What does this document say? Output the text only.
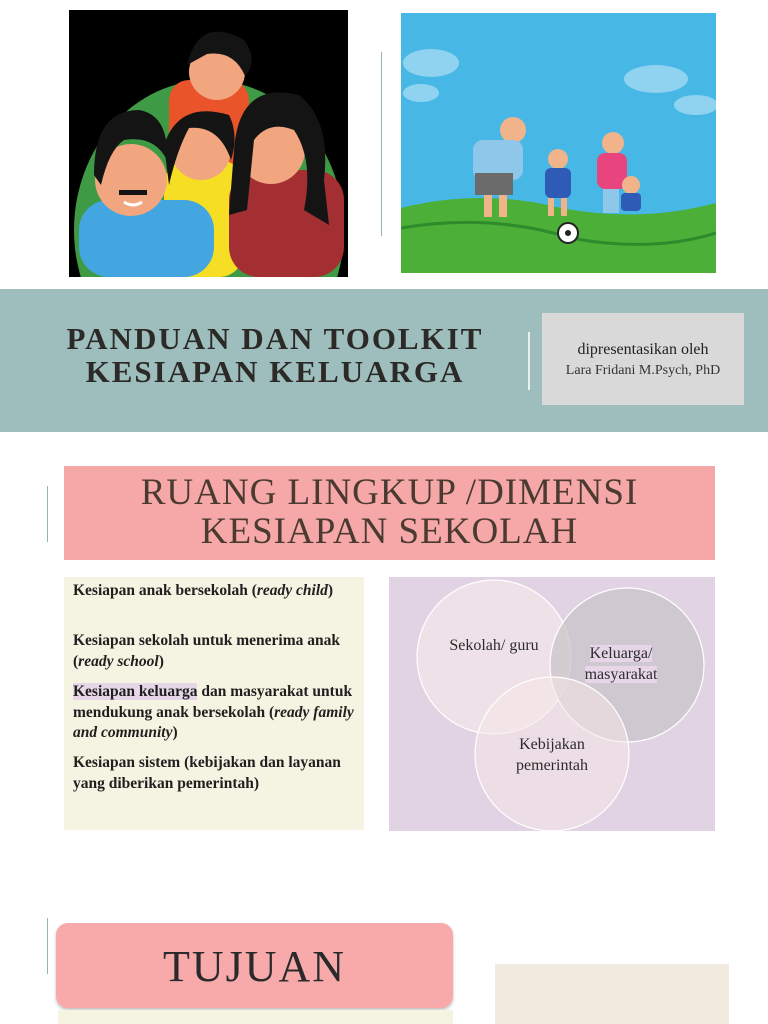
PANDUAN DAN TOOLKIT
KESIAPAN KELUARGA
dipresentasikan oleh
Lara Fridani M.Psych, PhD
RUANG LINGKUP /DIMENSI
KESIAPAN SEKOLAH
Kesiapan anak bersekolah (ready child)
Kesiapan sekolah untuk menerima anak (ready school)
Kesiapan keluarga dan masyarakat untuk mendukung anak bersekolah (ready family and community)
Kesiapan sistem (kebijakan dan layanan yang diberikan pemerintah)
Sekolah/ guru	Keluarga/ masyarakat
Kebijakan pemerintah
TUJUAN
